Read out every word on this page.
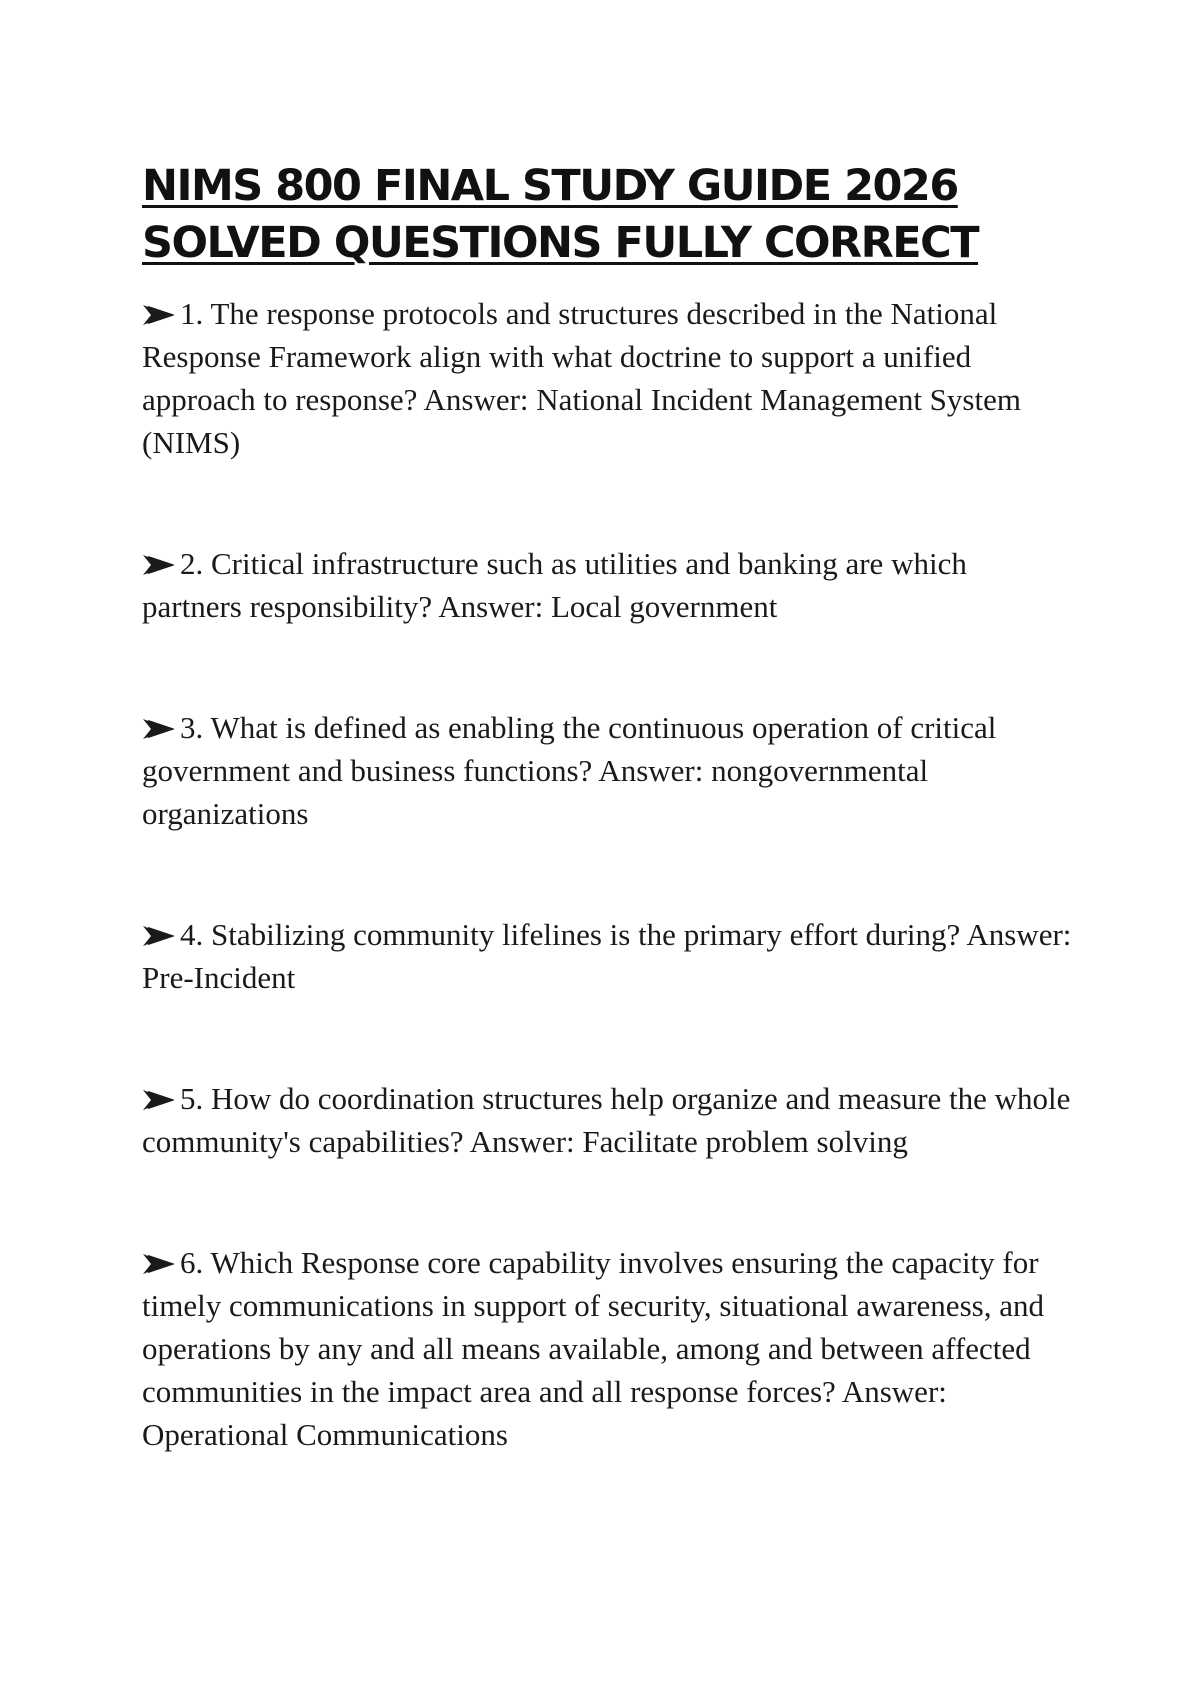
NIMS 800 FINAL STUDY GUIDE 2026
SOLVED QUESTIONS FULLY CORRECT

1. The response protocols and structures described in the National Response Framework align with what doctrine to support a unified approach to response? Answer: National Incident Management System (NIMS)

2. Critical infrastructure such as utilities and banking are which partners responsibility? Answer: Local government

3. What is defined as enabling the continuous operation of critical government and business functions? Answer: nongovernmental organizations

4. Stabilizing community lifelines is the primary effort during? Answer: Pre-Incident

5. How do coordination structures help organize and measure the whole community's capabilities? Answer: Facilitate problem solving

6. Which Response core capability involves ensuring the capacity for timely communications in support of security, situational awareness, and operations by any and all means available, among and between affected communities in the impact area and all response forces? Answer: Operational Communications
